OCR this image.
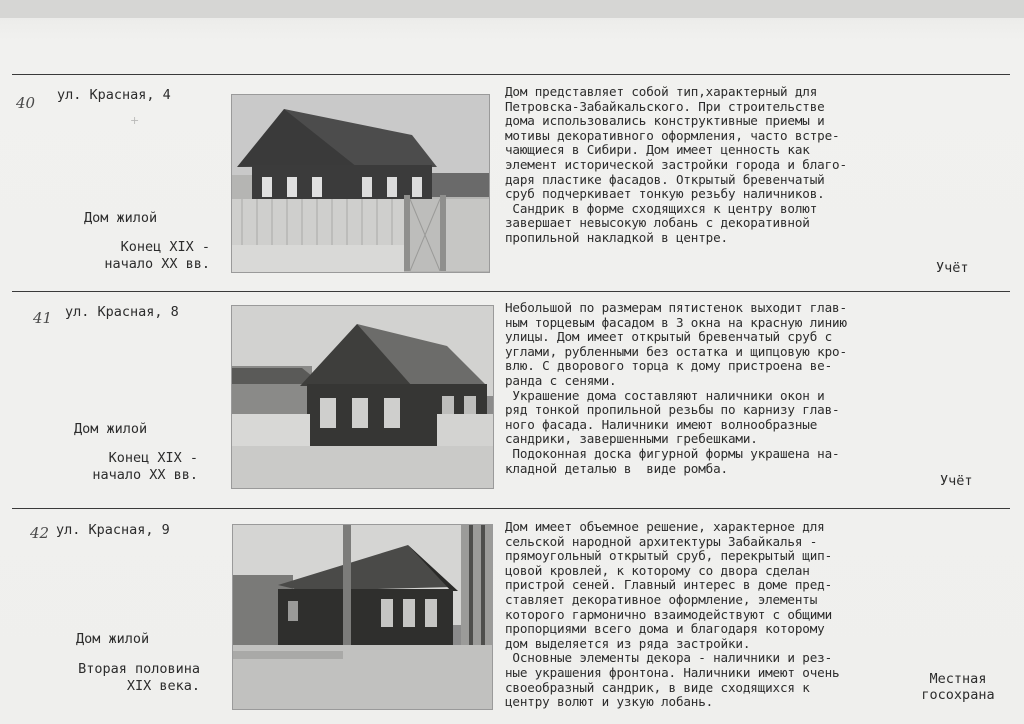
40 ул. Красная, 4
+
Дом жилой
Конец XIX -
начало XX вв.
Дом представляет собой тип,характерный для
Петровска-Забайкальского. При строительстве
дома использовались конструктивные приемы и
мотивы декоративного оформления, часто встре-
чающиеся в Сибири. Дом имеет ценность как
элемент исторической застройки города и благо-
даря пластике фасадов. Открытый бревенчатый
сруб подчеркивает тонкую резьбу наличников.
Сандрик в форме сходящихся к центру волют
завершает невысокую лобань с декоративной
пропильной накладкой в центре.
Учёт
41 ул. Красная, 8
Дом жилой
Конец XIX -
начало XX вв.
Небольшой по размерам пятистенок выходит глав-
ным торцевым фасадом в 3 окна на красную линию
улицы. Дом имеет открытый бревенчатый сруб с
углами, рубленными без остатка и щипцовую кро-
влю. С дворового торца к дому пристроена ве-
ранда с сенями.
Украшение дома составляют наличники окон и
ряд тонкой пропильной резьбы по карнизу глав-
ного фасада. Наличники имеют волнообразные
сандрики, завершенными гребешками.
Подоконная доска фигурной формы украшена на-
кладной деталью в  виде ромба.
Учёт
42 ул. Красная, 9
Дом жилой
Вторая половина
XIX века.
Дом имеет объемное решение, характерное для
сельской народной архитектуры Забайкалья -
прямоугольный открытый сруб, перекрытый щип-
цовой кровлей, к которому со двора сделан
пристрой сеней. Главный интерес в доме пред-
ставляет декоративное оформление, элементы
которого гармонично взаимодействуют с общими
пропорциями всего дома и благодаря которому
дом выделяется из ряда застройки.
Основные элементы декора - наличники и рез-
ные украшения фронтона. Наличники имеют очень
своеобразный сандрик, в виде сходящихся к
центру волют и узкую лобань.
Местная
госохрана
